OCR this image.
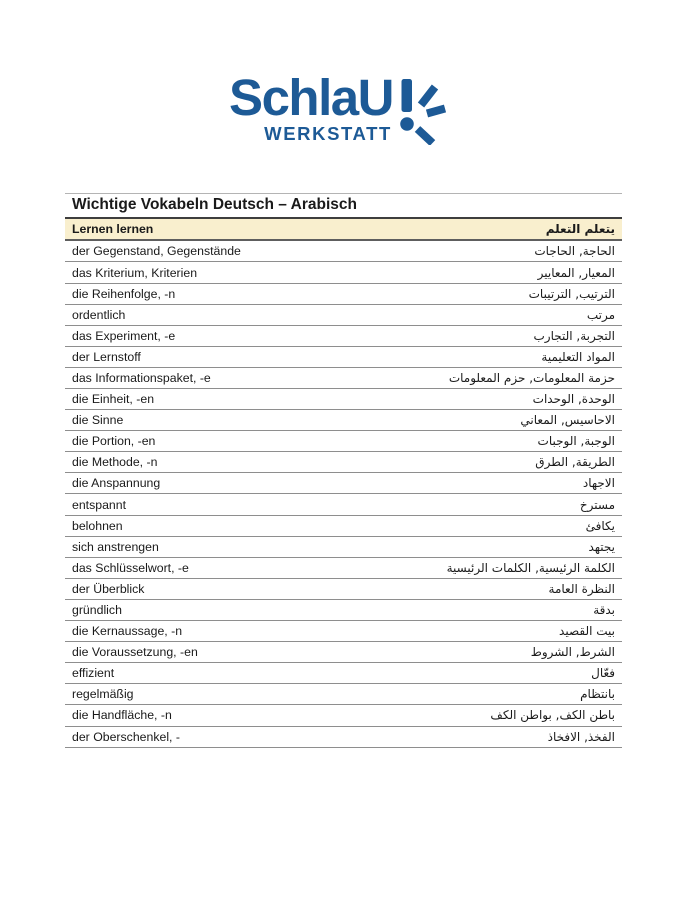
SchlaU
WERKSTATT
Wichtige Vokabeln Deutsch – Arabisch
Lernen lernen	يتعلم التعلم
der Gegenstand, Gegenstände	الحاجة, الحاجات
das Kriterium, Kriterien	المعيار, المعايير
die Reihenfolge, -n	الترتيب, الترتيبات
ordentlich	مرتب
das Experiment, -e	التجربة, التجارب
der Lernstoff	المواد التعليمية
das Informationspaket, -e	حزمة المعلومات, حزم المعلومات
die Einheit, -en	الوحدة, الوحدات
die Sinne	الاحاسيس, المعاني
die Portion, -en	الوجبة, الوجبات
die Methode, -n	الطريقة, الطرق
die Anspannung	الاجهاد
entspannt	مسترخ
belohnen	يكافئ
sich anstrengen	يجتهد
das Schlüsselwort, -e	الكلمة الرئيسية, الكلمات الرئيسية
der Überblick	النظرة العامة
gründlich	بدقة
die Kernaussage, -n	بيت القصيد
die Voraussetzung, -en	الشرط, الشروط
effizient	فعّال
regelmäßig	بانتظام
die Handfläche, -n	باطن الكف, بواطن الكف
der Oberschenkel, -	الفخذ, الافخاذ
